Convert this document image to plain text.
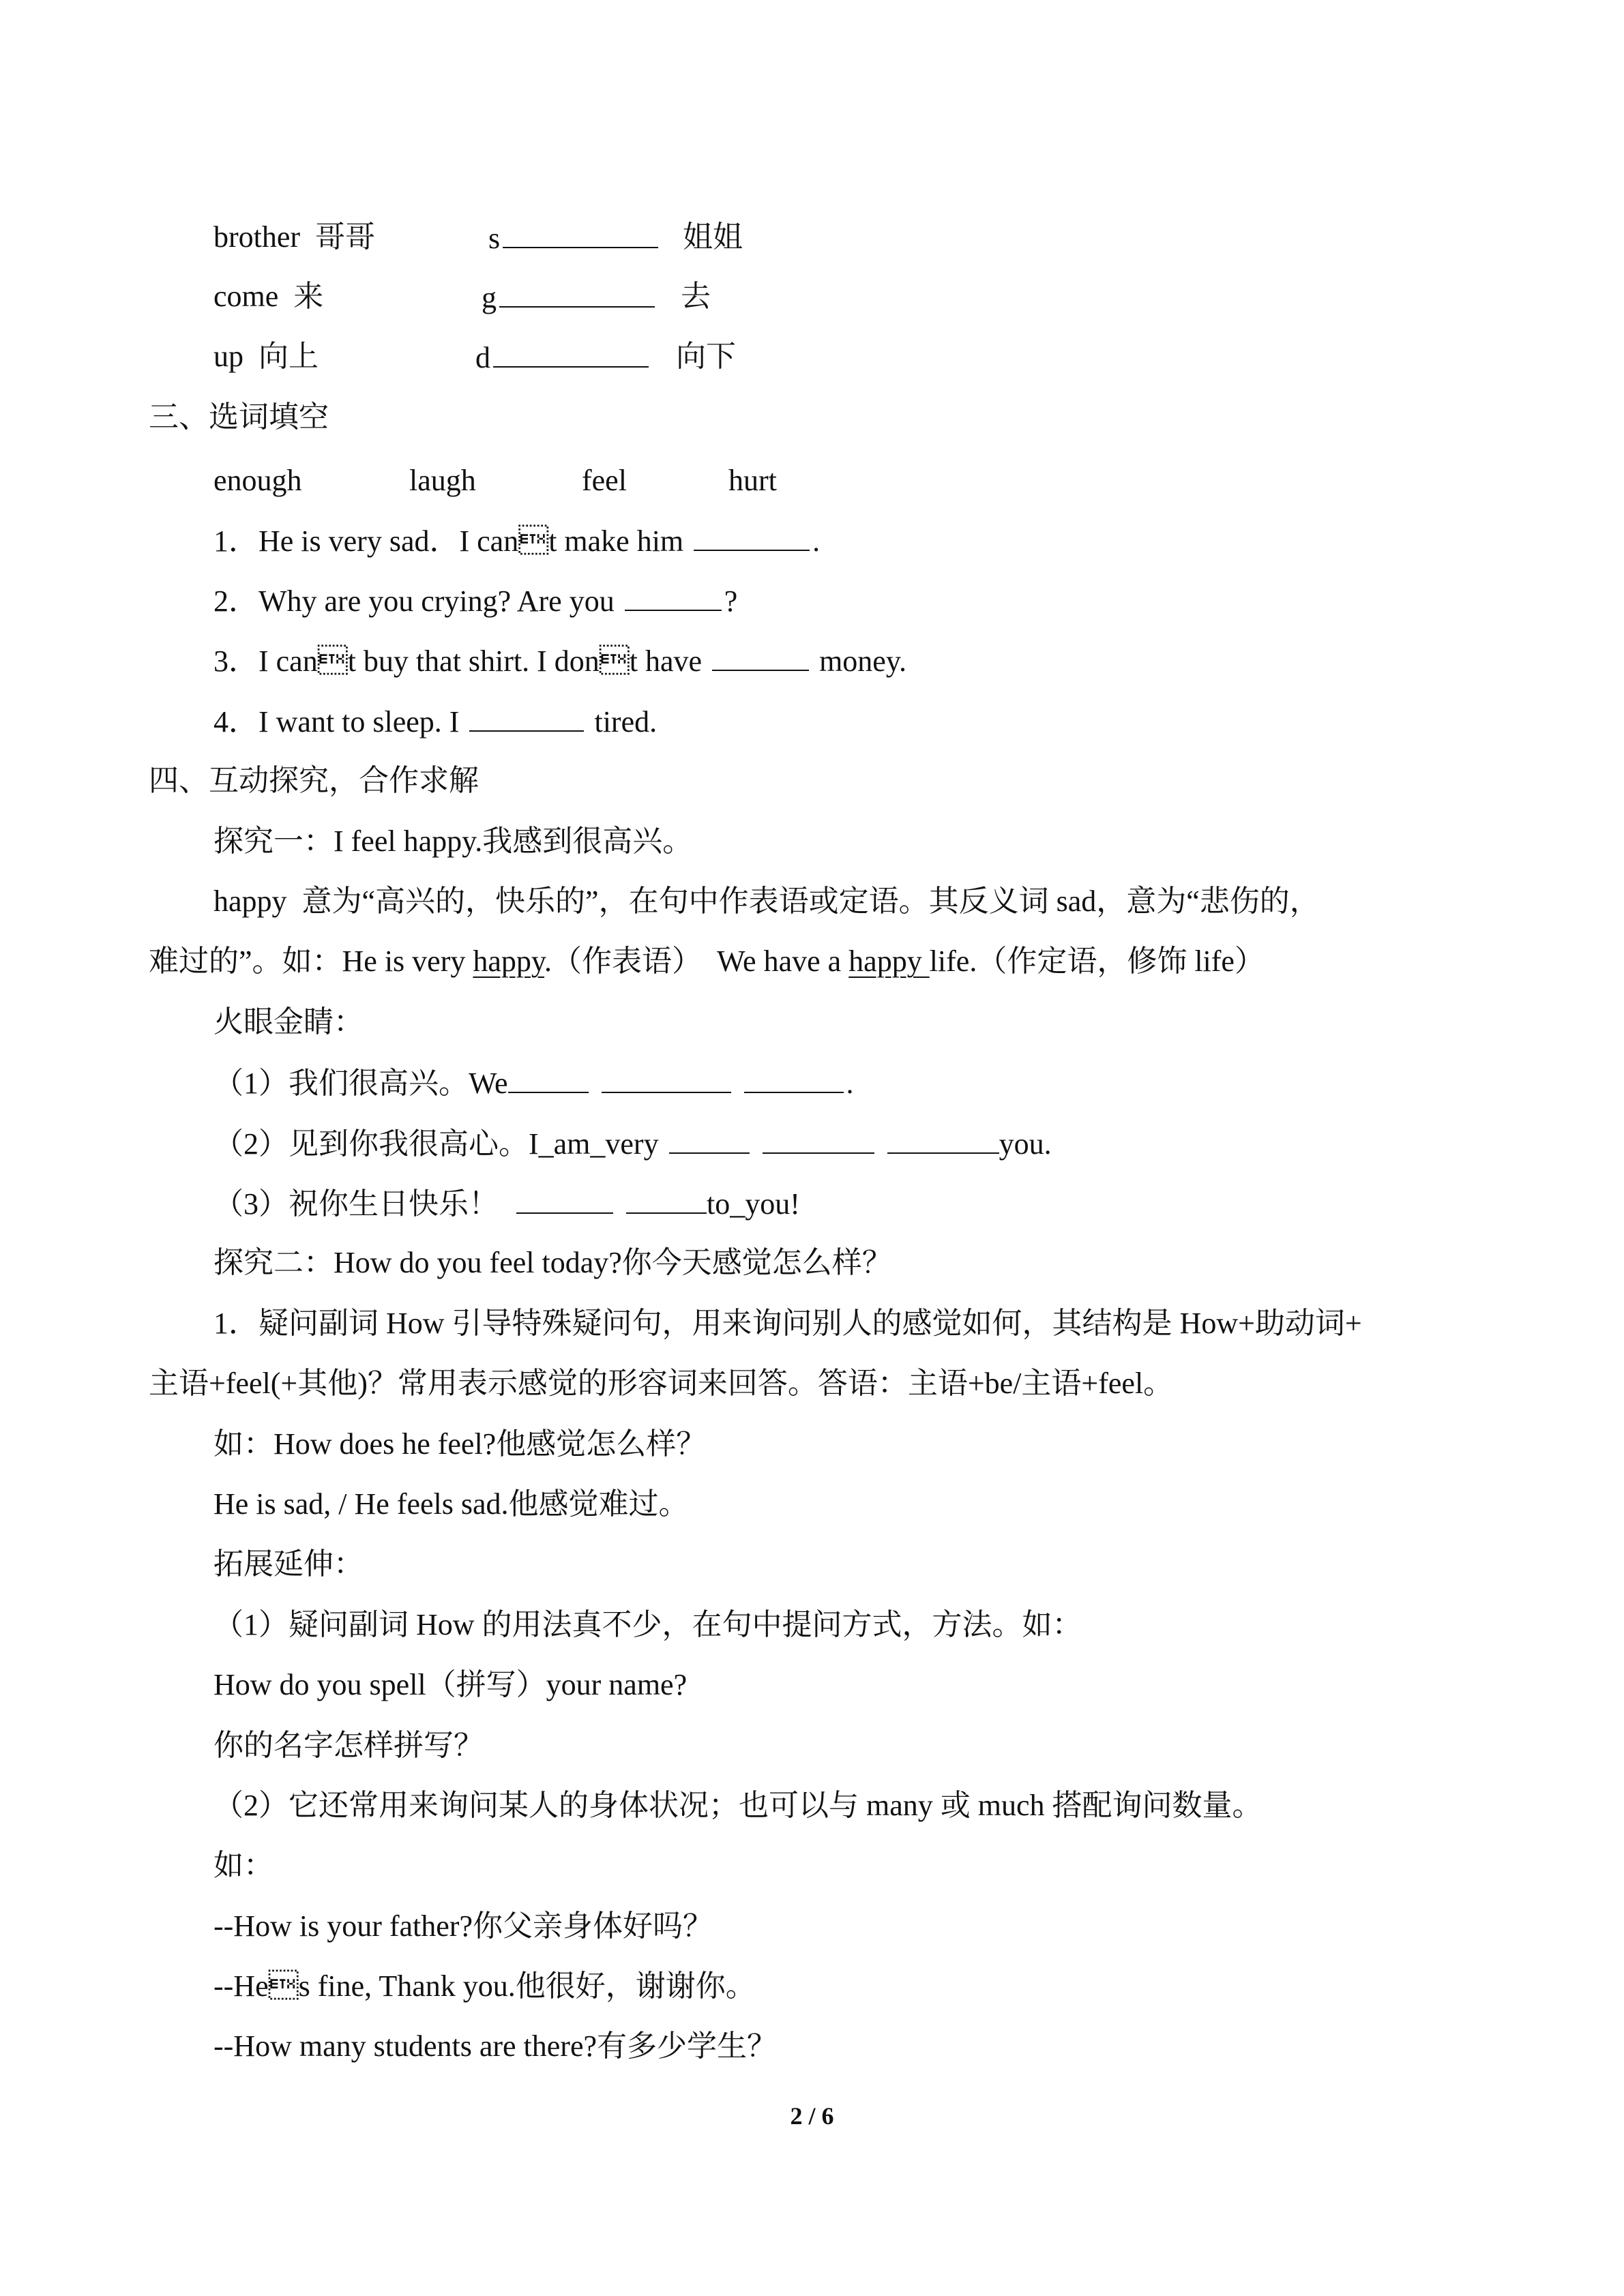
brother  哥哥	s	姐姐
come  来	g	去
up  向上	d	向下
三、选词填空
enough	laugh	feel	hurt
1．He is very sad．I cant make him	.
2．Why are you crying? Are you	?
3．I cant buy that shirt. I dont have	money.
4．I want to sleep. I	tired.
四、互动探究，合作求解
探究一：I feel happy.我感到很高兴。
happy  意为“高兴的，快乐的”，在句中作表语或定语。其反义词 sad，意为“悲伤的，
难过的”。如：He is very happy.（作表语）  We have a happy life.（作定语，修饰 life）
火眼金睛：
（1）我们很高兴。We	.
（2）见到你我很高心。I_am_very	you.
（3）祝你生日快乐！	to_you!
探究二：How do you feel today?你今天感觉怎么样？
1．疑问副词 How 引导特殊疑问句，用来询问别人的感觉如何，其结构是 How+助动词+
主语+feel(+其他)？常用表示感觉的形容词来回答。答语：主语+be/主语+feel。
如：How does he feel?他感觉怎么样？
He is sad, / He feels sad.他感觉难过。
拓展延伸：
（1）疑问副词 How 的用法真不少，在句中提问方式，方法。如：
How do you spell（拼写）your name?
你的名字怎样拼写？
（2）它还常用来询问某人的身体状况；也可以与 many 或 much 搭配询问数量。
如：
--How is your father?你父亲身体好吗？
--Hes fine, Thank you.他很好，谢谢你。
--How many students are there?有多少学生？
2 / 6
